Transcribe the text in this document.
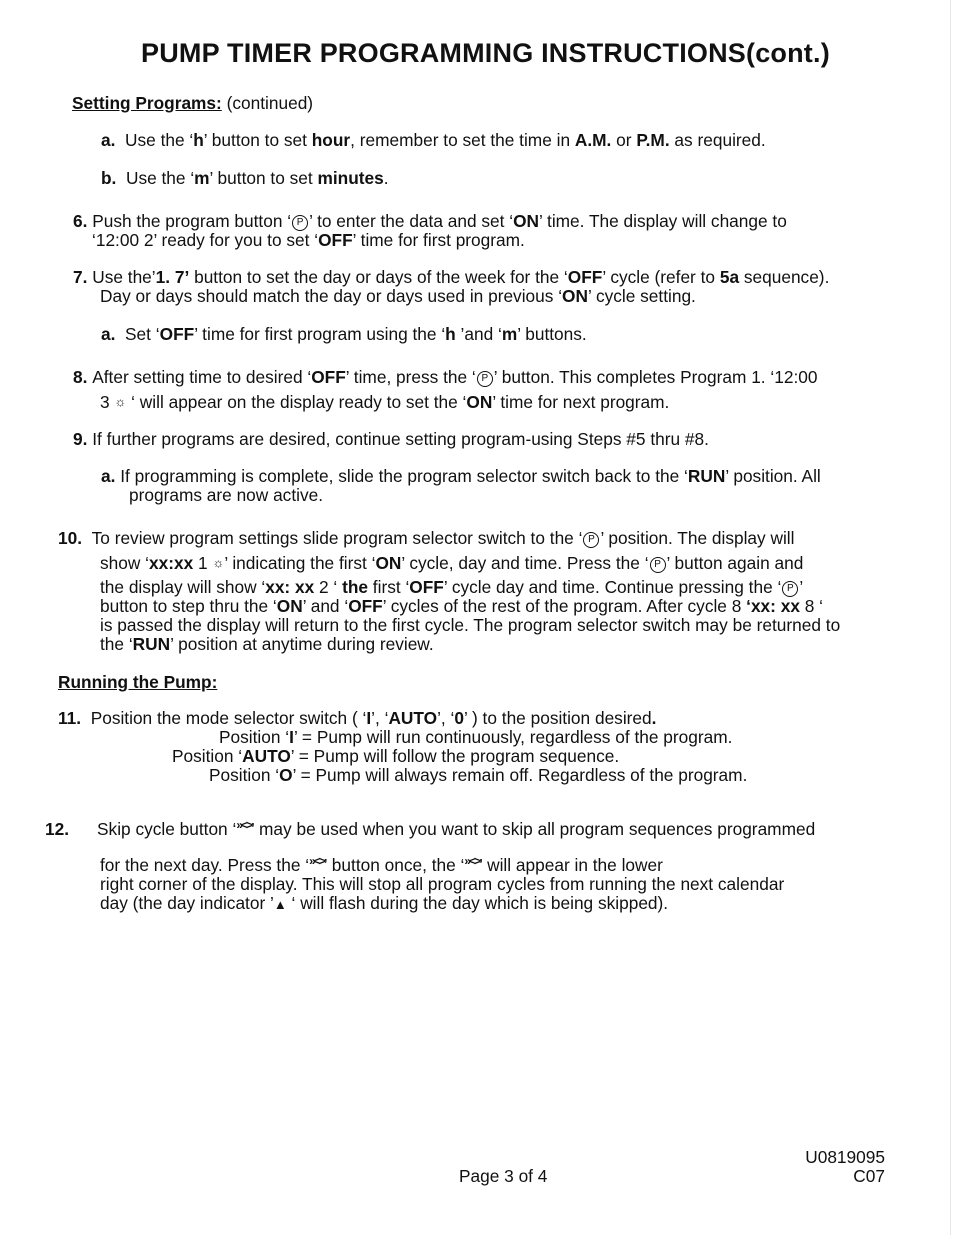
PUMP TIMER PROGRAMMING INSTRUCTIONS(cont.)
Setting Programs: (continued)
a. Use the ‘h’ button to set hour, remember to set the time in A.M. or P.M. as required.
b. Use the ‘m’ button to set minutes.
6. Push the program button ‘ P ’ to enter the data and set ‘ON’ time. The display will change to
‘12:00 2’ ready for you to set ‘OFF’ time for first program.
7. Use the’1. 7’ button to set the day or days of the week for the ‘OFF’ cycle (refer to 5a sequence).
Day or days should match the day or days used in previous ‘ON’ cycle setting.
a. Set ‘OFF’ time for first program using the ‘h ’and ‘m’ buttons.
8. After setting time to desired ‘OFF’ time, press the ‘ P ’ button. This completes Program 1. ‘12:00
3 ☼ ‘ will appear on the display ready to set the ‘ON’ time for next program.
9. If further programs are desired, continue setting program-using Steps #5 thru #8.
a. If programming is complete, slide the program selector switch back to the ‘RUN’ position. All
programs are now active.
10. To review program settings slide program selector switch to the ‘ P ’ position. The display will
show ‘xx:xx 1 ☼’ indicating the first ‘ON’ cycle, day and time. Press the ‘ P ’ button again and
the display will show ‘xx: xx 2 ‘ the first ‘OFF’ cycle day and time. Continue pressing the ‘ P ’
button to step thru the ‘ON’ and ‘OFF’ cycles of the rest of the program. After cycle 8 ‘xx: xx 8 ‘
is passed the display will return to the first cycle. The program selector switch may be returned to
the ‘RUN’ position at anytime during review.
Running the Pump:
11. Position the mode selector switch ( ‘I’, ‘AUTO’, ‘0’ ) to the position desired.
Position ‘I’ = Pump will run continuously, regardless of the program.
Position ‘AUTO’ = Pump will follow the program sequence.
Position ‘O’ = Pump will always remain off. Regardless of the program.
12. Skip cycle button ‘»<>’ may be used when you want to skip all program sequences programmed
for the next day. Press the ‘»<>’ button once, the ‘»<>’ will appear in the lower
right corner of the display. This will stop all program cycles from running the next calendar
day (the day indicator ’▲ ‘ will flash during the day which is being skipped).
Page 3 of 4
U0819095
C07
